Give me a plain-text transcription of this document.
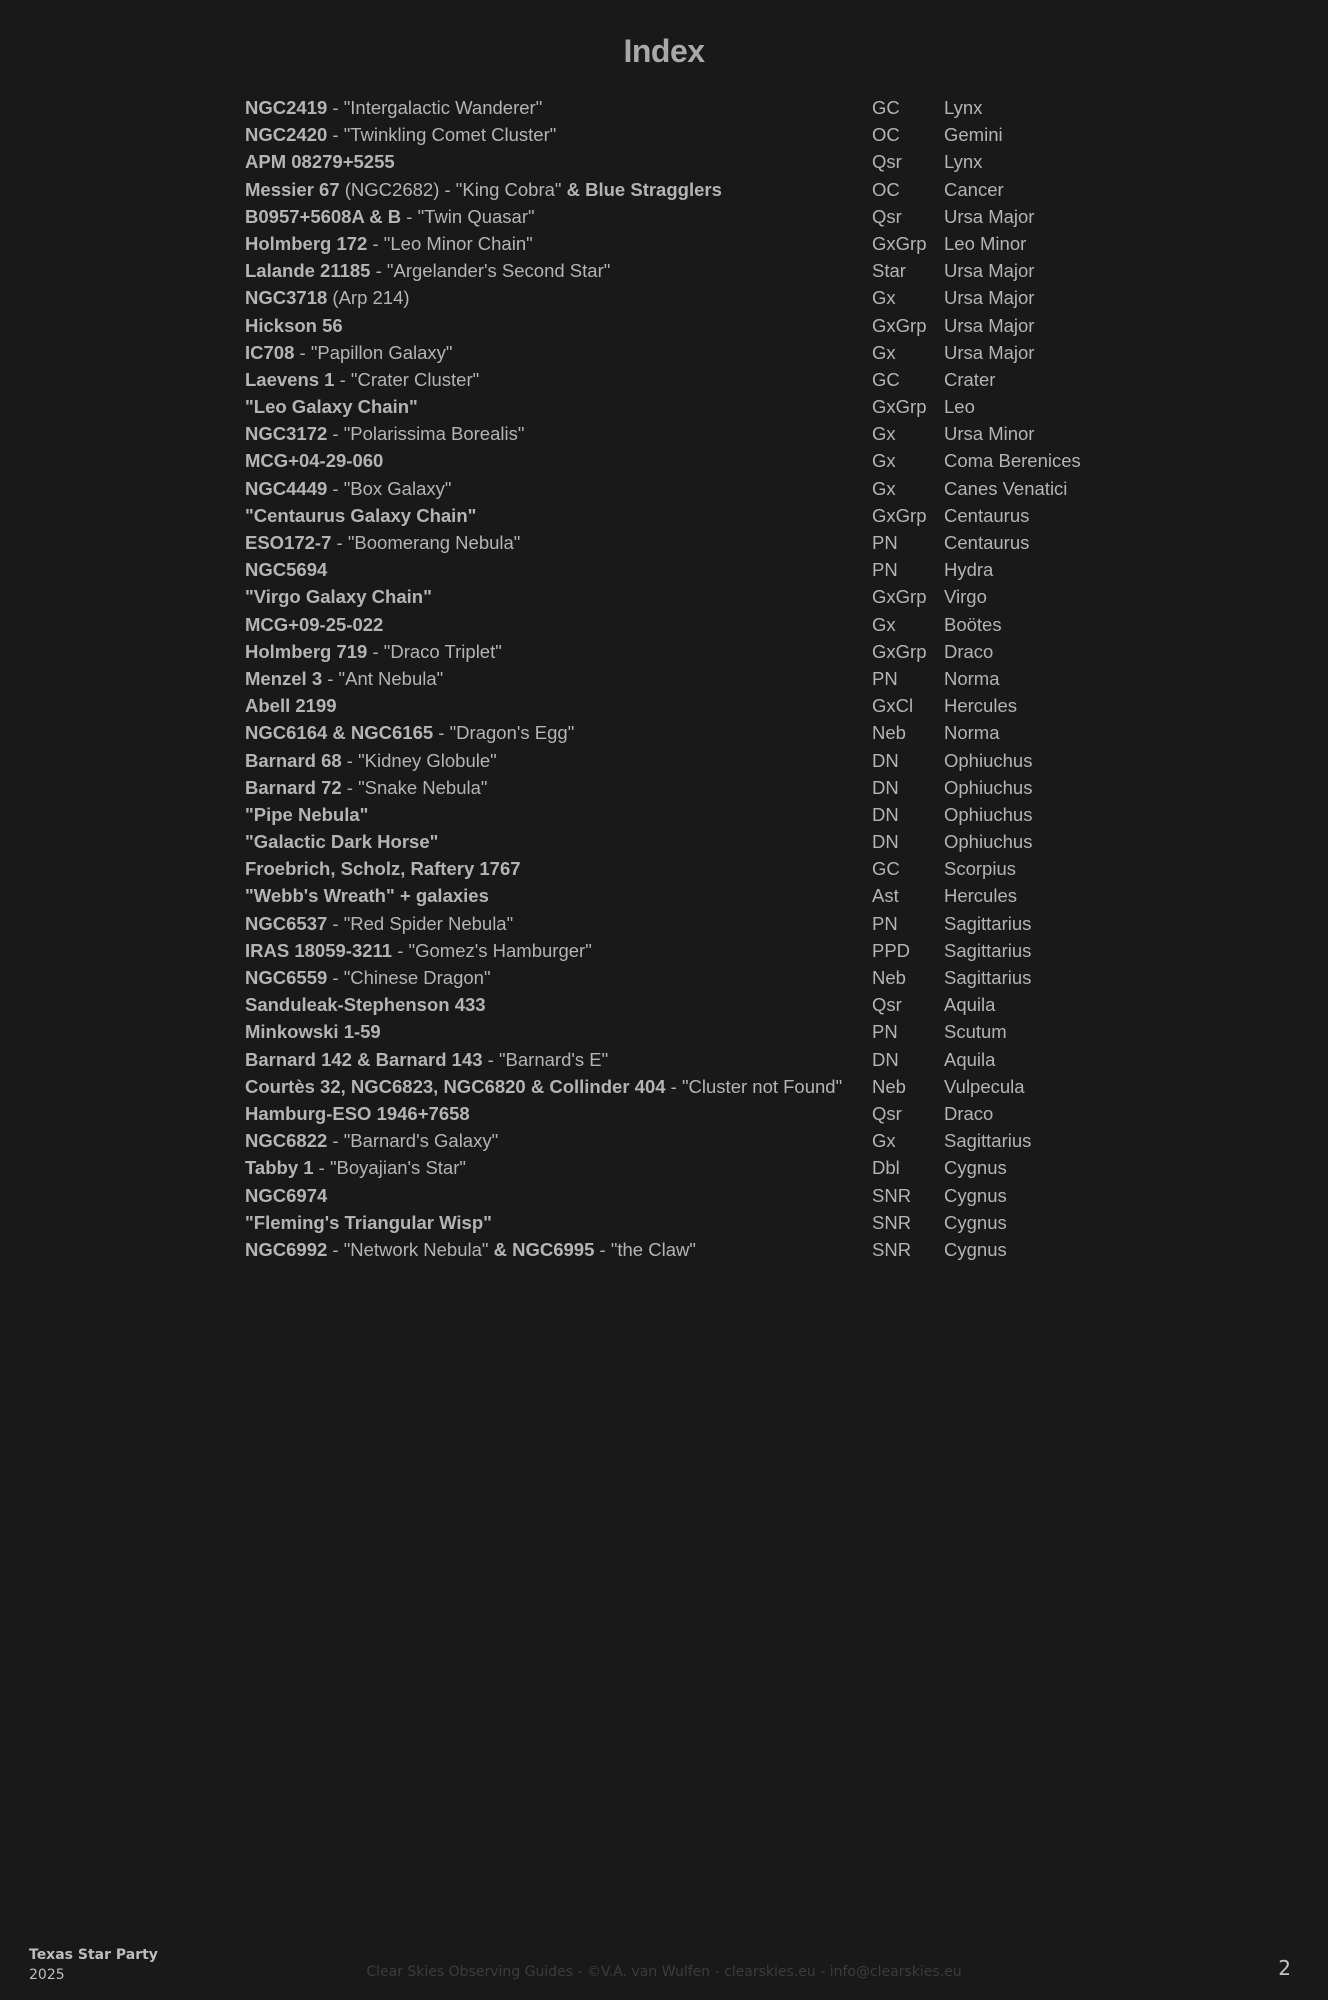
Index
NGC2419 - "Intergalactic Wanderer"	GC Lynx
NGC2420 - "Twinkling Comet Cluster"	OC Gemini
APM 08279+5255	Qsr Lynx
Messier 67 (NGC2682) - "King Cobra" & Blue Stragglers	OC Cancer
B0957+5608A & B - "Twin Quasar"	Qsr Ursa Major
Holmberg 172 - "Leo Minor Chain"	GxGrp Leo Minor
Lalande 21185 - "Argelander's Second Star"	Star Ursa Major
NGC3718 (Arp 214)	Gx	Ursa Major
Hickson 56	GxGrp Ursa Major
IC708 - "Papillon Galaxy"	Gx	Ursa Major
Laevens 1 - "Crater Cluster"	GC Crater
"Leo Galaxy Chain"	GxGrp Leo
NGC3172 - "Polarissima Borealis"	Gx	Ursa Minor
MCG+04-29-060	Gx	Coma Berenices
NGC4449 - "Box Galaxy"	Gx	Canes Venatici
"Centaurus Galaxy Chain"	GxGrp Centaurus
ESO172-7 - "Boomerang Nebula"	PN	Centaurus
NGC5694	PN	Hydra
"Virgo Galaxy Chain"	GxGrp Virgo
MCG+09-25-022	Gx	Boötes
Holmberg 719 - "Draco Triplet"	GxGrp Draco
Menzel 3 - "Ant Nebula"	PN	Norma
Abell 2199	GxCl Hercules
NGC6164 & NGC6165 - "Dragon's Egg"	Neb Norma
Barnard 68 - "Kidney Globule"	DN Ophiuchus
Barnard 72 - "Snake Nebula"	DN Ophiuchus
"Pipe Nebula"	DN Ophiuchus
"Galactic Dark Horse"	DN Ophiuchus
Froebrich, Scholz, Raftery 1767	GC Scorpius
"Webb's Wreath" + galaxies	Ast Hercules
NGC6537 - "Red Spider Nebula"	PN	Sagittarius
IRAS 18059-3211 - "Gomez's Hamburger"	PPD Sagittarius
NGC6559 - "Chinese Dragon"	Neb Sagittarius
Sanduleak-Stephenson 433	Qsr Aquila
Minkowski 1-59	PN	Scutum
Barnard 142 & Barnard 143 - "Barnard's E"	DN Aquila
Courtès 32, NGC6823, NGC6820 & Collinder 404 - "Cluster not Found" Neb Vulpecula
Hamburg-ESO 1946+7658	Qsr Draco
NGC6822 - "Barnard's Galaxy"	Gx	Sagittarius
Tabby 1 - "Boyajian's Star"	Dbl Cygnus
NGC6974	SNR Cygnus
"Fleming's Triangular Wisp"	SNR Cygnus
NGC6992 - "Network Nebula" & NGC6995 - "the Claw"	SNR Cygnus
Texas Star Party
2025	Clear Skies Observing Guides - ©V.A. van Wulfen - clearskies.eu - info@clearskies.eu	2
